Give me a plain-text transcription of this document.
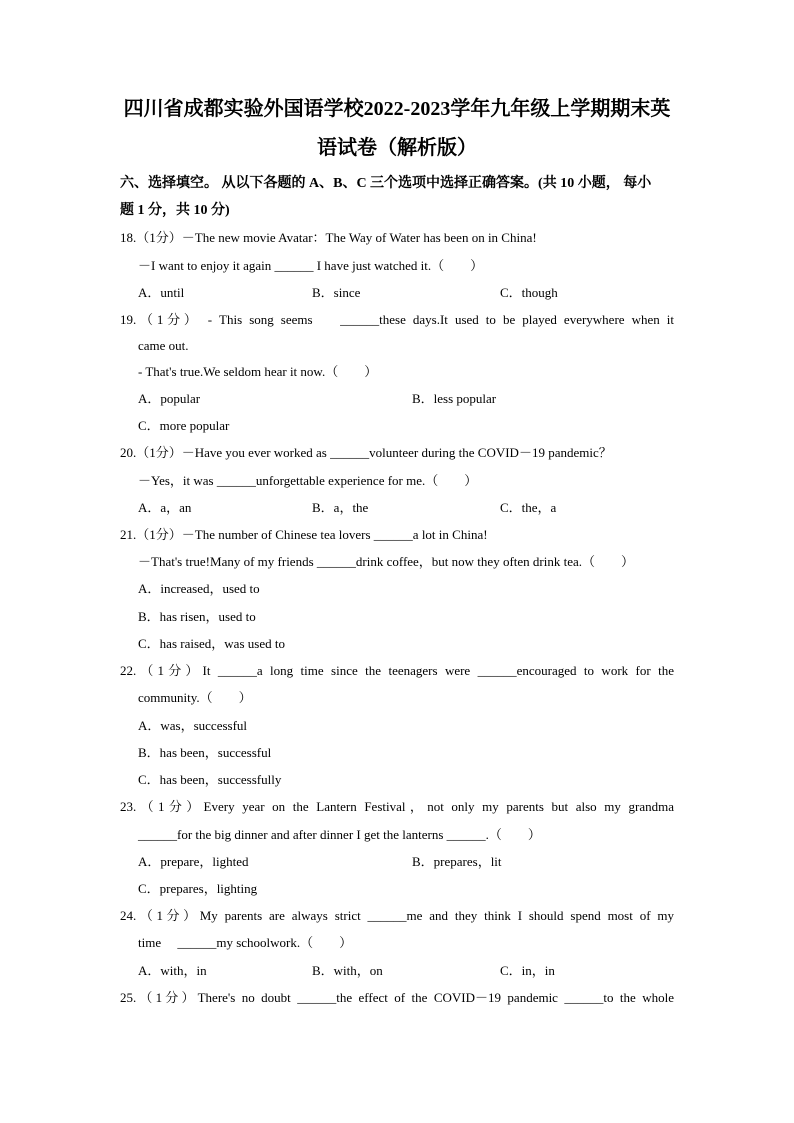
四川省成都实验外国语学校2022-2023学年九年级上学期期末英
语试卷（解析版）
六、选择填空。 从以下各题的 A、B、C 三个选项中选择正确答案。(共 10 小题， 每小
题 1 分，共 10 分)
18.（1分）－The new movie Avatar：The Way of Water has been on in China!
－I want to enjoy it again ______ I have just watched it.（　　）
A．until	B．since	C．though
19.（1分） - This song seems　 ______these days.It used to be played everywhere when it
came out.
- That's true.We seldom hear it now.（　　）
A．popular	B．less popular
C．more popular
20.（1分）－Have you ever worked as ______volunteer during the COVID－19 pandemic？
－Yes，it was ______unforgettable experience for me.（　　）
A．a，an	B．a，the	C．the，a
21.（1分）－The number of Chinese tea lovers ______a lot in China!
－That's true!Many of my friends ______drink coffee，but now they often drink tea.（　　）
A．increased，used to
B．has risen，used to
C．has raised，was used to
22.（1分）It ______a long time since the teenagers were ______encouraged to work for the
community.（　　）
A．was，successful
B．has been，successful
C．has been，successfully
23.（1分）Every year on the Lantern Festival，not only my parents but also my grandma
______for the big dinner and after dinner I get the lanterns ______.（　　）
A．prepare，lighted	B．prepares，lit
C．prepares，lighting
24.（1分）My parents are always strict ______me and they think I should spend most of my
time　 ______my schoolwork.（　　）
A．with，in	B．with，on	C．in，in
25.（1分）There's no doubt ______the effect of the COVID－19 pandemic ______to the whole
